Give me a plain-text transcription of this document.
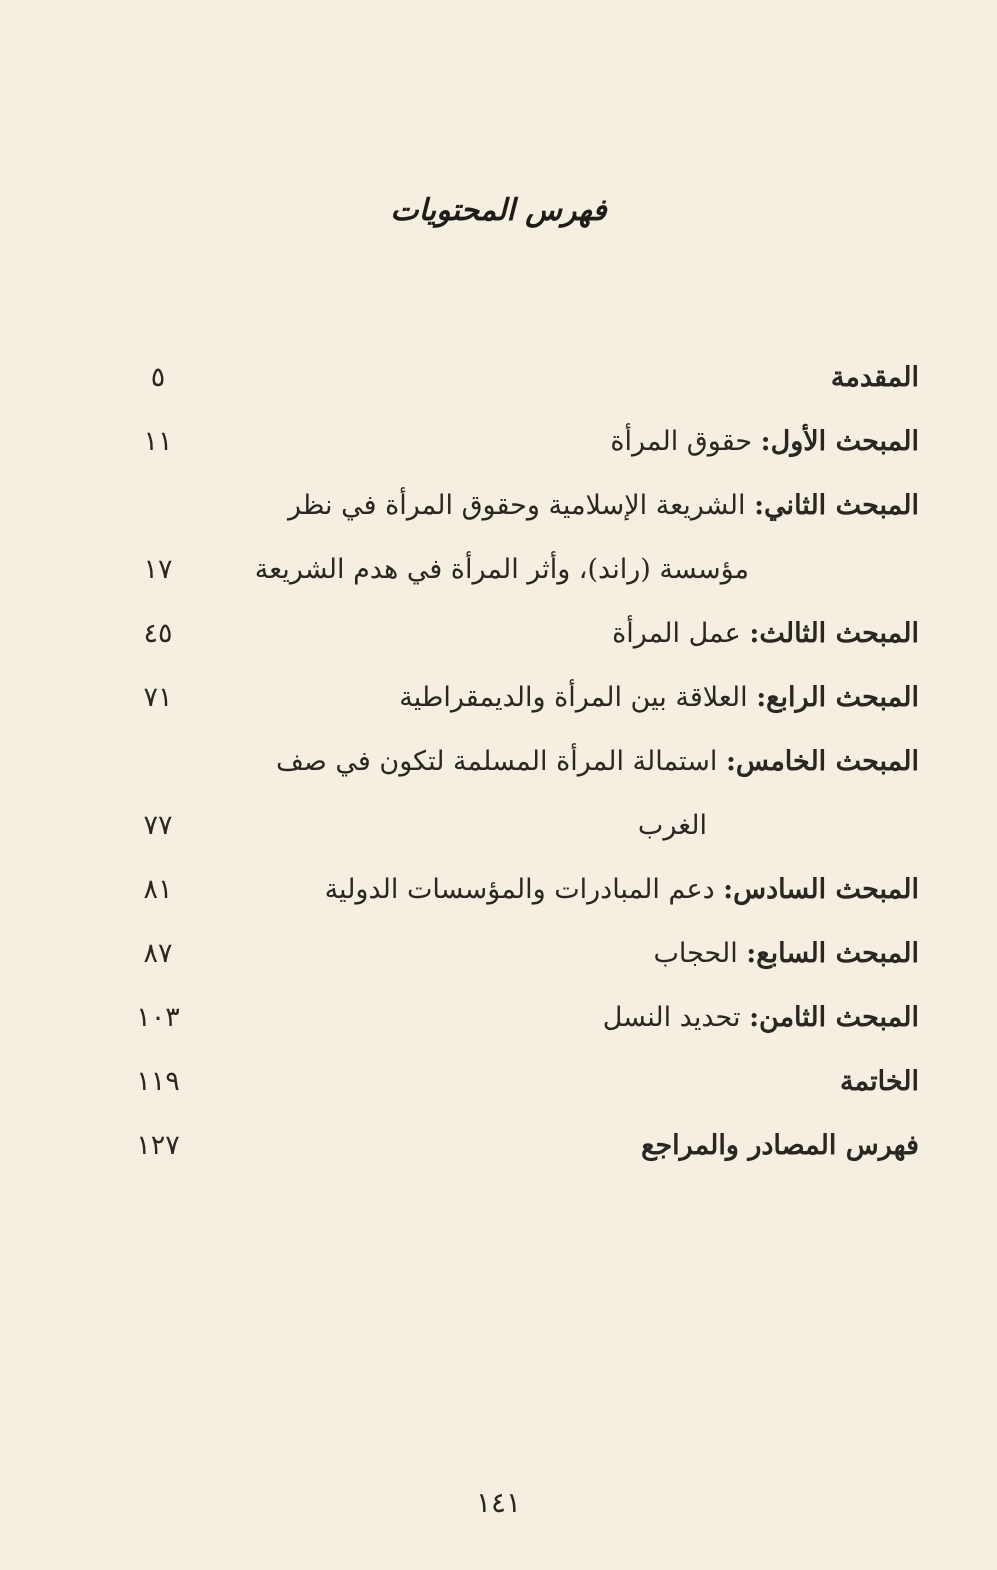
فهرس المحتويات
المقدمة
٥
المبحث الأول: حقوق المرأة
١١
المبحث الثاني: الشريعة الإسلامية وحقوق المرأة في نظر
مؤسسة (راند)، وأثر المرأة في هدم الشريعة
١٧
المبحث الثالث: عمل المرأة
٤٥
المبحث الرابع: العلاقة بين المرأة والديمقراطية
٧١
المبحث الخامس: استمالة المرأة المسلمة لتكون في صف
الغرب
٧٧
المبحث السادس: دعم المبادرات والمؤسسات الدولية
٨١
المبحث السابع: الحجاب
٨٧
المبحث الثامن: تحديد النسل
١٠٣
الخاتمة
١١٩
فهرس المصادر والمراجع
١٢٧
١٤١
